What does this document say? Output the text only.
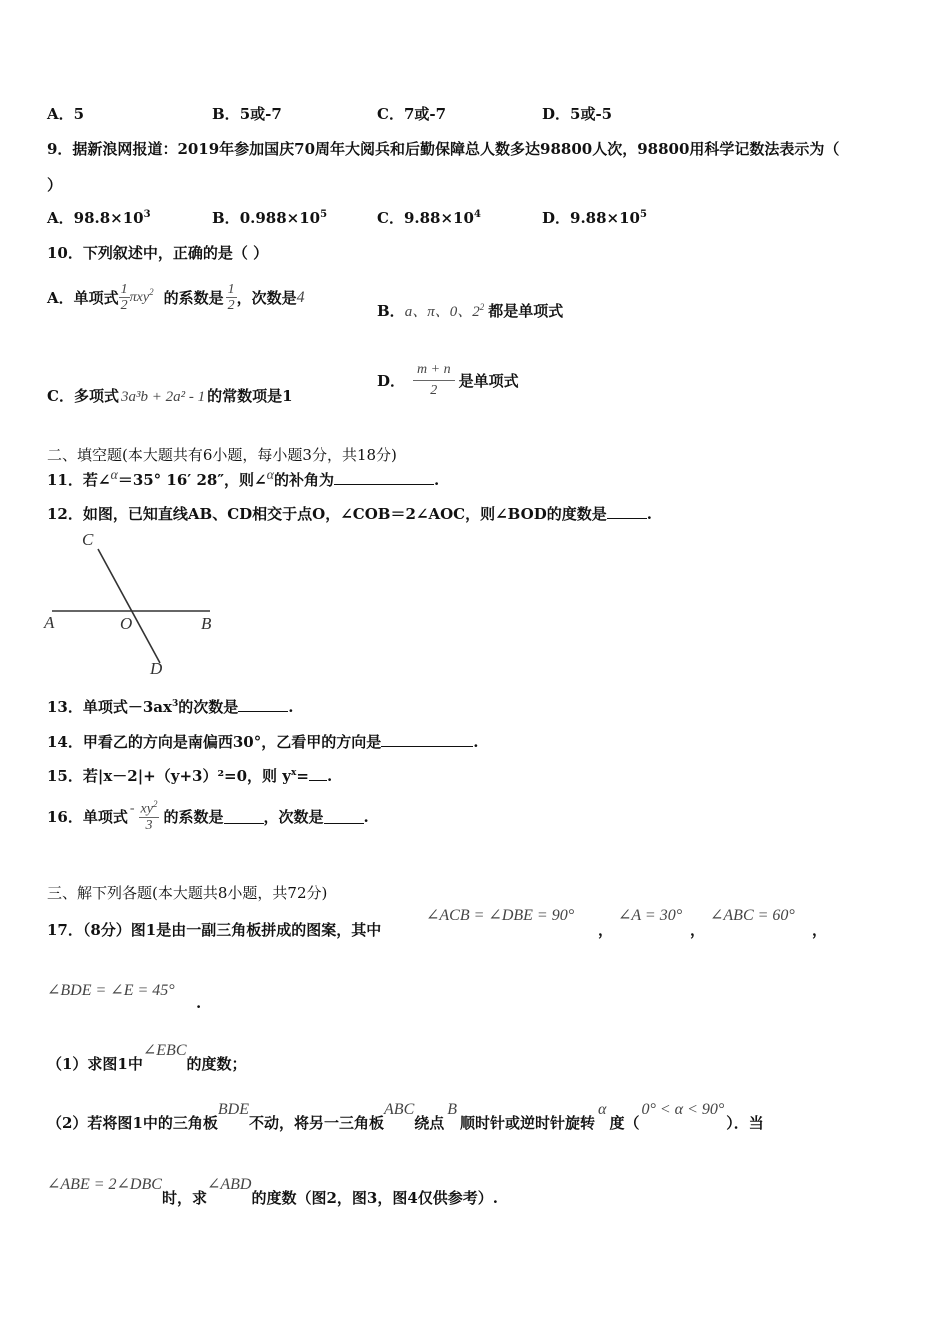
A．5	B．5或-7	C．7或-7	D．5或-5
9．据新浪网报道：2019年参加国庆70周年大阅兵和后勤保障总人数多达98800人次，98800用科学记数法表示为（
）
A．$98.8\times 10^3$	B．$0.988\times 10^5$	C．$9.88\times 10^4$	D．$9.88\times 10^5$
10．下列叙述中，正确的是（ ）
A．单项式 $\frac{1}{2}$ πxy 2 的系数是 $\frac{1}{2}$ ，次数是 4
B．a、π、0、$2^2$ 都是单项式
C．多项式 3a³b + 2a² - 1 的常数项是1
D． $\frac{m + n}{2}$ 是单项式
二、填空题(本大题共有6小题，每小题3分，共18分)
11．若∠α＝35° 16′ 28″，则∠α的补角为	.
12．如图，已知直线AB、CD相交于点O，∠COB＝2∠AOC，则∠BOD的度数是	.
C
A	O	B
D
13．单项式$-3ax^3$的次数是	.
14．甲看乙的方向是南偏西30°，乙看甲的方向是	.
15．若|x－2|+（y+3）²=0，则 $y^x=$ .
16．单项式 - $\frac{xy^2}{3}$ 的系数是	，次数是	.
三、解下列各题(本大题共8小题，共72分)
17．（8分）图1是由一副三角板拼成的图案，其中
∠ACB = ∠DBE = 90°
，
∠A = 30°
，
∠ABC = 60°
，
∠BDE = ∠E = 45°
.
（1）求图1中∠EBC的度数；
（2）若将图1中的三角板BDE不动，将另一三角板ABC绕点B顺时针或逆时针旋转α度（0° < α < 90°）．当
∠ABE = 2∠DBC时，求∠ABD的度数（图2，图3，图4仅供参考）.
